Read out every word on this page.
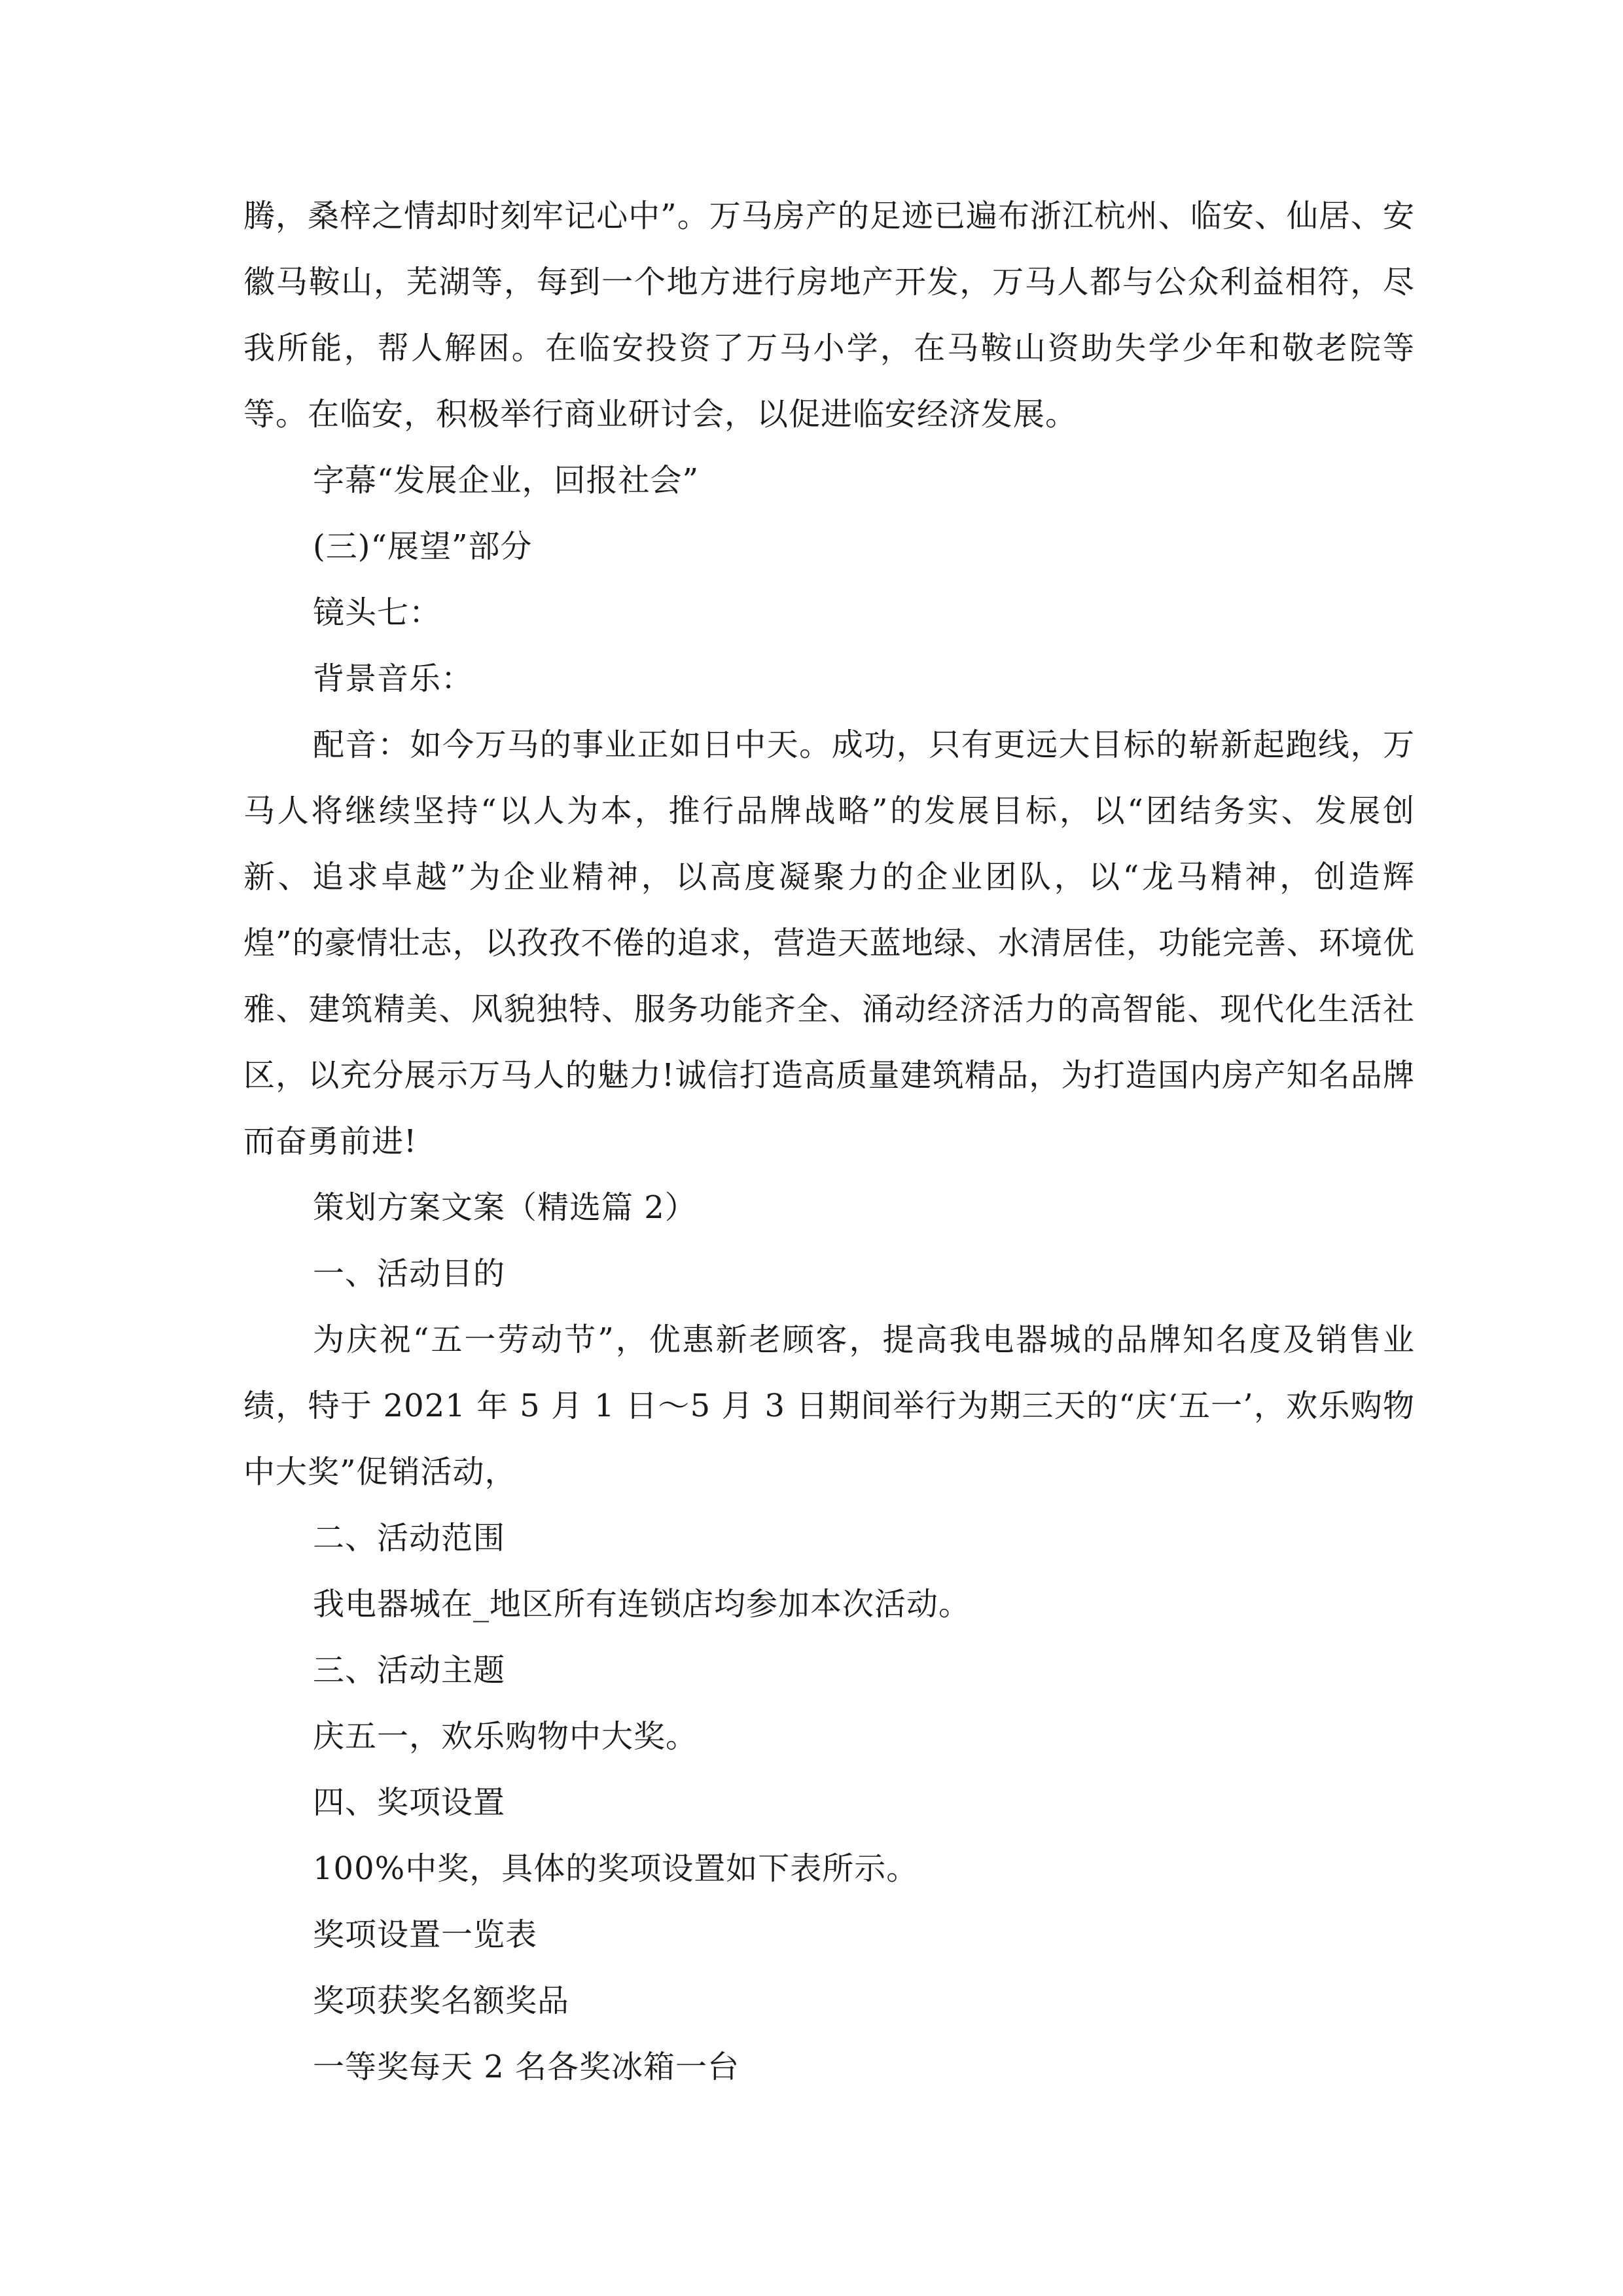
腾，桑梓之情却时刻牢记心中”。万马房产的足迹已遍布浙江杭州、临安、仙居、安徽马鞍山，芜湖等，每到一个地方进行房地产开发，万马人都与公众利益相符，尽我所能，帮人解困。在临安投资了万马小学，在马鞍山资助失学少年和敬老院等等。在临安，积极举行商业研讨会，以促进临安经济发展。

字幕“发展企业，回报社会”

(三)“展望”部分

镜头七：

背景音乐：

配音：如今万马的事业正如日中天。成功，只有更远大目标的崭新起跑线，万马人将继续坚持“以人为本，推行品牌战略”的发展目标，以“团结务实、发展创新、追求卓越”为企业精神，以高度凝聚力的企业团队，以“龙马精神，创造辉煌”的豪情壮志，以孜孜不倦的追求，营造天蓝地绿、水清居佳，功能完善、环境优雅、建筑精美、风貌独特、服务功能齐全、涌动经济活力的高智能、现代化生活社区，以充分展示万马人的魅力!诚信打造高质量建筑精品，为打造国内房产知名品牌而奋勇前进!

策划方案文案（精选篇 2）

一、活动目的

为庆祝“五一劳动节”，优惠新老顾客，提高我电器城的品牌知名度及销售业绩，特于 2021 年 5 月 1 日～5 月 3 日期间举行为期三天的“庆‘五一’，欢乐购物中大奖”促销活动，

二、活动范围

我电器城在_地区所有连锁店均参加本次活动。

三、活动主题

庆五一，欢乐购物中大奖。

四、奖项设置

100%中奖，具体的奖项设置如下表所示。

奖项设置一览表

奖项获奖名额奖品

一等奖每天 2 名各奖冰箱一台
